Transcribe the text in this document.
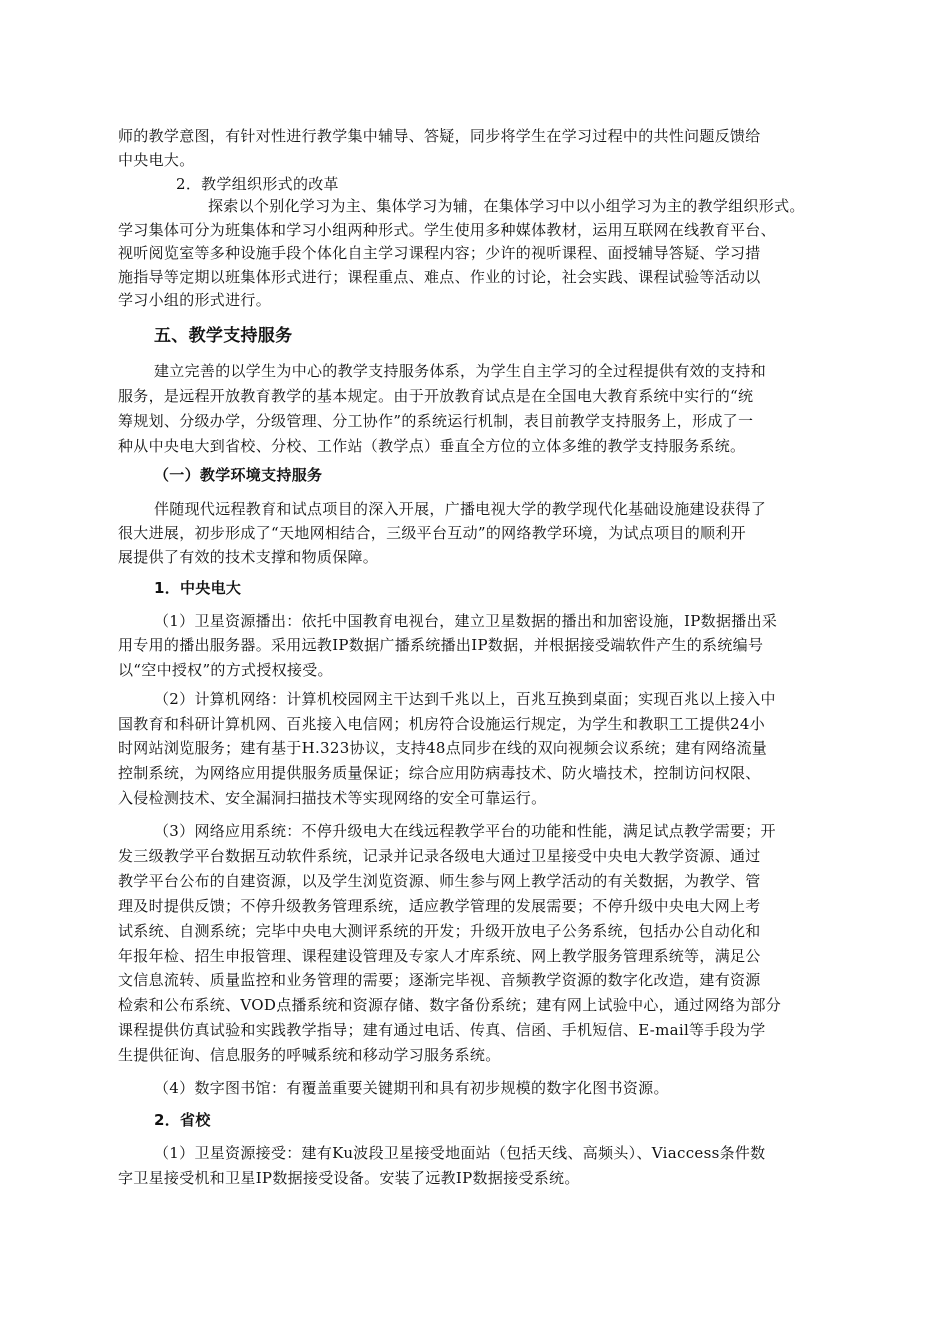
师的教学意图，有针对性进行教学集中辅导、答疑，同步将学生在学习过程中的共性问题反馈给
中央电大。
2．教学组织形式的改革
探索以个别化学习为主、集体学习为辅，在集体学习中以小组学习为主的教学组织形式。
学习集体可分为班集体和学习小组两种形式。学生使用多种媒体教材，运用互联网在线教育平台、
视听阅览室等多种设施手段个体化自主学习课程内容；少许的视听课程、面授辅导答疑、学习措
施指导等定期以班集体形式进行；课程重点、难点、作业的讨论，社会实践、课程试验等活动以
学习小组的形式进行。
五、教学支持服务
建立完善的以学生为中心的教学支持服务体系，为学生自主学习的全过程提供有效的支持和
服务，是远程开放教育教学的基本规定。由于开放教育试点是在全国电大教育系统中实行的“统
筹规划、分级办学，分级管理、分工协作”的系统运行机制，表目前教学支持服务上，形成了一
种从中央电大到省校、分校、工作站（教学点）垂直全方位的立体多维的教学支持服务系统。
（一）教学环境支持服务
伴随现代远程教育和试点项目的深入开展，广播电视大学的教学现代化基础设施建设获得了
很大进展，初步形成了“天地网相结合，三级平台互动”的网络教学环境，为试点项目的顺利开
展提供了有效的技术支撑和物质保障。
1．中央电大
（1）卫星资源播出：依托中国教育电视台，建立卫星数据的播出和加密设施，IP数据播出采
用专用的播出服务器。采用远教IP数据广播系统播出IP数据，并根据接受端软件产生的系统编号
以“空中授权”的方式授权接受。
（2）计算机网络：计算机校园网主干达到千兆以上，百兆互换到桌面；实现百兆以上接入中
国教育和科研计算机网、百兆接入电信网；机房符合设施运行规定，为学生和教职工工提供24小
时网站浏览服务；建有基于H.323协议，支持48点同步在线的双向视频会议系统；建有网络流量
控制系统，为网络应用提供服务质量保证；综合应用防病毒技术、防火墙技术，控制访问权限、
入侵检测技术、安全漏洞扫描技术等实现网络的安全可靠运行。
（3）网络应用系统：不停升级电大在线远程教学平台的功能和性能，满足试点教学需要；开
发三级教学平台数据互动软件系统，记录并记录各级电大通过卫星接受中央电大教学资源、通过
教学平台公布的自建资源，以及学生浏览资源、师生参与网上教学活动的有关数据，为教学、管
理及时提供反馈；不停升级教务管理系统，适应教学管理的发展需要；不停升级中央电大网上考
试系统、自测系统；完毕中央电大测评系统的开发；升级开放电子公务系统，包括办公自动化和
年报年检、招生申报管理、课程建设管理及专家人才库系统、网上教学服务管理系统等，满足公
文信息流转、质量监控和业务管理的需要；逐渐完毕视、音频教学资源的数字化改造，建有资源
检索和公布系统、VOD点播系统和资源存储、数字备份系统；建有网上试验中心，通过网络为部分
课程提供仿真试验和实践教学指导；建有通过电话、传真、信函、手机短信、E-mail等手段为学
生提供征询、信息服务的呼喊系统和移动学习服务系统。
（4）数字图书馆：有覆盖重要关键期刊和具有初步规模的数字化图书资源。
2．省校
（1）卫星资源接受：建有Ku波段卫星接受地面站（包括天线、高频头）、Viaccess条件数
字卫星接受机和卫星IP数据接受设备。安装了远教IP数据接受系统。
